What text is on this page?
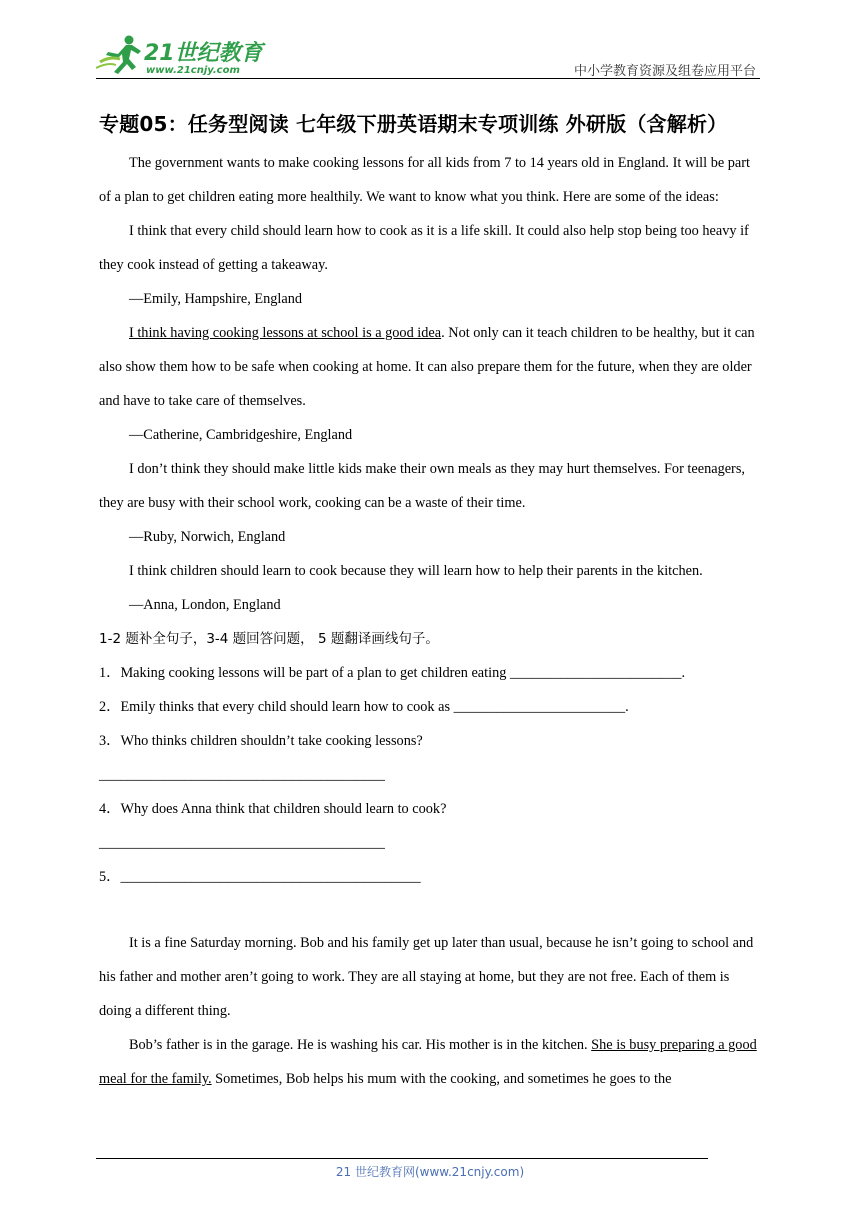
21世纪教育
www.21cnjy.com	中小学教育资源及组卷应用平台
专题05：任务型阅读 七年级下册英语期末专项训练 外研版（含解析）

The government wants to make cooking lessons for all kids from 7 to 14 years old in England. It will be part of a plan to get children eating more healthily. We want to know what you think. Here are some of the ideas:

I think that every child should learn how to cook as it is a life skill. It could also help stop being too heavy if they cook instead of getting a takeaway.

—Emily, Hampshire, England

I think having cooking lessons at school is a good idea. Not only can it teach children to be healthy, but it can also show them how to be safe when cooking at home. It can also prepare them for the future, when they are older and have to take care of themselves.

—Catherine, Cambridgeshire, England

I don’t think they should make little kids make their own meals as they may hurt themselves. For teenagers, they are busy with their school work, cooking can be a waste of their time.

—Ruby, Norwich, England

I think children should learn to cook because they will learn how to help their parents in the kitchen.

—Anna, London, England

1-2 题补全句子，3-4 题回答问题， 5 题翻译画线句子。

1．Making cooking lessons will be part of a plan to get children eating ________________________.

2．Emily thinks that every child should learn how to cook as ________________________.

3．Who thinks children shouldn’t take cooking lessons?

________________________________________

4．Why does Anna think that children should learn to cook?

________________________________________

5．__________________________________________

It is a fine Saturday morning. Bob and his family get up later than usual, because he isn’t going to school and his father and mother aren’t going to work. They are all staying at home, but they are not free. Each of them is doing a different thing.

Bob’s father is in the garage. He is washing his car. His mother is in the kitchen. She is busy preparing a good meal for the family. Sometimes, Bob helps his mum with the cooking, and sometimes he goes to the

21 世纪教育网(www.21cnjy.com)
